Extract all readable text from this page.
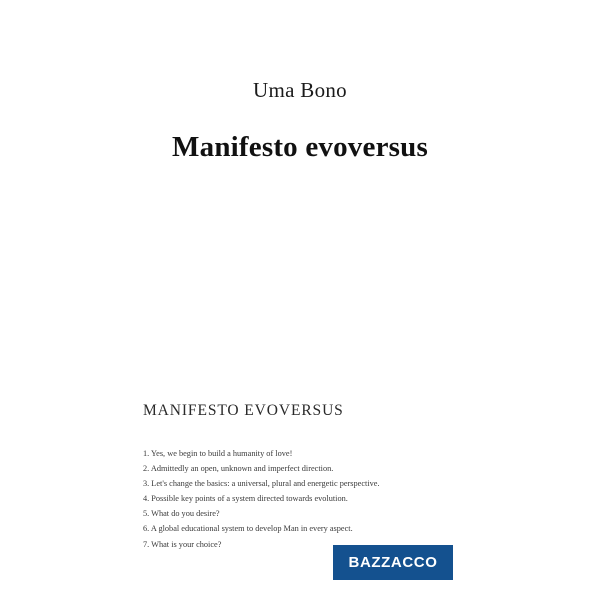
Uma Bono
Manifesto evoversus
MANIFESTO EVOVERSUS
1. Yes, we begin to build a humanity of love!
2. Admittedly an open, unknown and imperfect direction.
3. Let's change the basics: a universal, plural and energetic perspective.
4. Possible key points of a system directed towards evolution.
5. What do you desire?
6. A global educational system to develop Man in every aspect.
7. What is your choice?
BAZZACCO
